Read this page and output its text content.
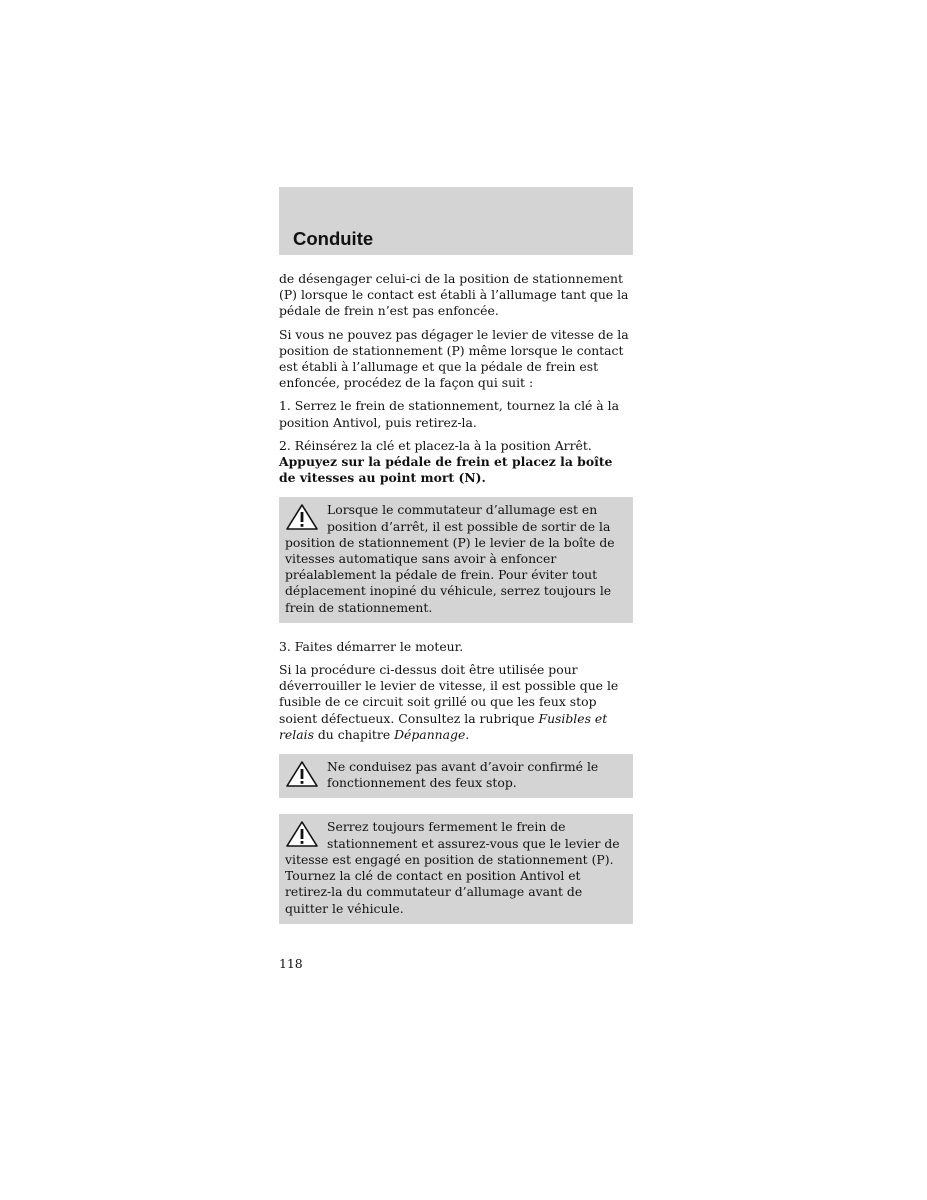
Conduite

de désengager celui-ci de la position de stationnement (P) lorsque le contact est établi à l’allumage tant que la pédale de frein n’est pas enfoncée.

Si vous ne pouvez pas dégager le levier de vitesse de la position de stationnement (P) même lorsque le contact est établi à l’allumage et que la pédale de frein est enfoncée, procédez de la façon qui suit :

1. Serrez le frein de stationnement, tournez la clé à la position Antivol, puis retirez-la.

2. Réinsérez la clé et placez-la à la position Arrêt. Appuyez sur la pédale de frein et placez la boîte de vitesses au point mort (N).

Lorsque le commutateur d’allumage est en position d’arrêt, il est possible de sortir de la position de stationnement (P) le levier de la boîte de vitesses automatique sans avoir à enfoncer préalablement la pédale de frein. Pour éviter tout déplacement inopiné du véhicule, serrez toujours le frein de stationnement.

3. Faites démarrer le moteur.

Si la procédure ci-dessus doit être utilisée pour déverrouiller le levier de vitesse, il est possible que le fusible de ce circuit soit grillé ou que les feux stop soient défectueux. Consultez la rubrique Fusibles et relais du chapitre Dépannage.

Ne conduisez pas avant d’avoir confirmé le fonctionnement des feux stop.
Serrez toujours fermement le frein de stationnement et assurez-vous que le levier de vitesse est engagé en position de stationnement (P). Tournez la clé de contact en position Antivol et retirez-la du commutateur d’allumage avant de quitter le véhicule.
118
